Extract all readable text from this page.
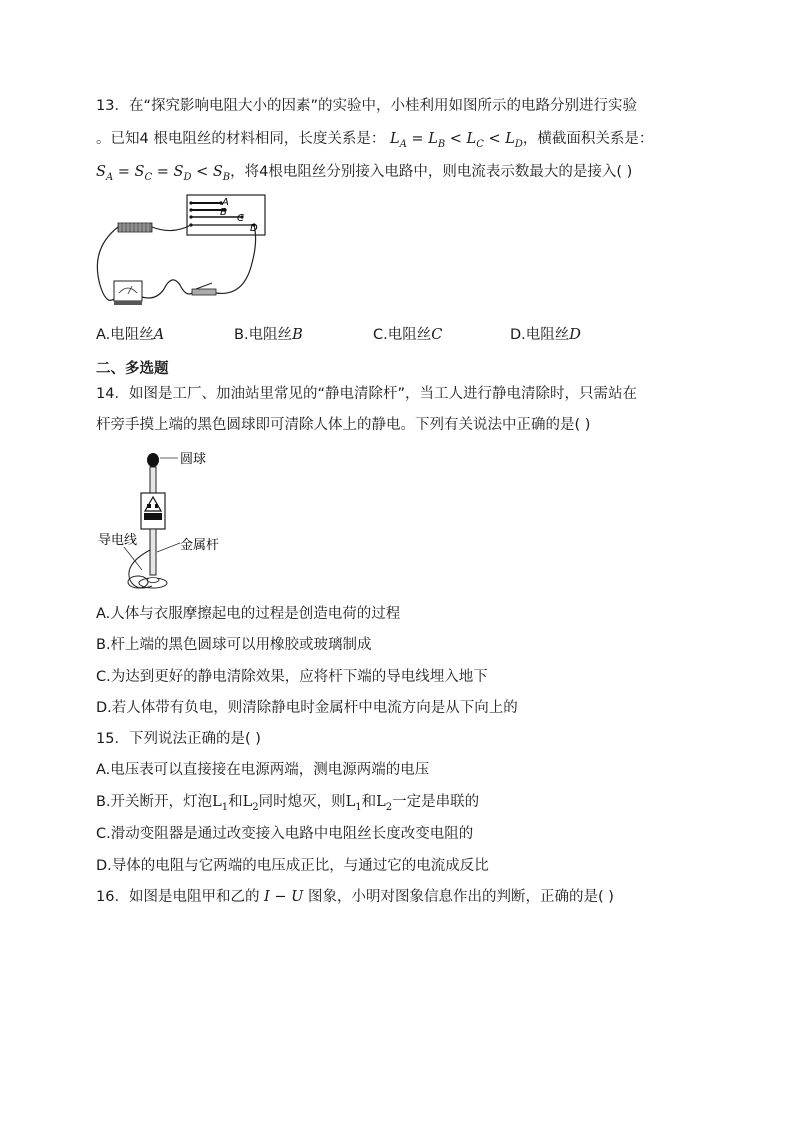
13．在“探究影响电阻大小的因素”的实验中，小桂利用如图所示的电路分别进行实验
。已知4 根电阻丝的材料相同，长度关系是： $L_A = L_B < L_C < L_D$，横截面积关系是：
$S_A = S_C = S_D < S_B$，将4根电阻丝分别接入电路中，则电流表示数最大的是接入( )
A
B
C
D
A.电阻丝A	B.电阻丝B	C.电阻丝C	D.电阻丝D
二、多选题
14．如图是工厂、加油站里常见的“静电清除杆”，当工人进行静电清除时，只需站在
杆旁手摸上端的黑色圆球即可清除人体上的静电。下列有关说法中正确的是( )
圆球
导电线	金属杆
A.人体与衣服摩擦起电的过程是创造电荷的过程
B.杆上端的黑色圆球可以用橡胶或玻璃制成
C.为达到更好的静电清除效果，应将杆下端的导电线埋入地下
D.若人体带有负电，则清除静电时金属杆中电流方向是从下向上的
15．下列说法正确的是( )
A.电压表可以直接接在电源两端，测电源两端的电压
B.开关断开，灯泡$L_1$和$L_2$同时熄灭，则$L_1$和$L_2$一定是串联的
C.滑动变阻器是通过改变接入电路中电阻丝长度改变电阻的
D.导体的电阻与它两端的电压成正比，与通过它的电流成反比
16．如图是电阻甲和乙的 I − U 图象，小明对图象信息作出的判断，正确的是( )
